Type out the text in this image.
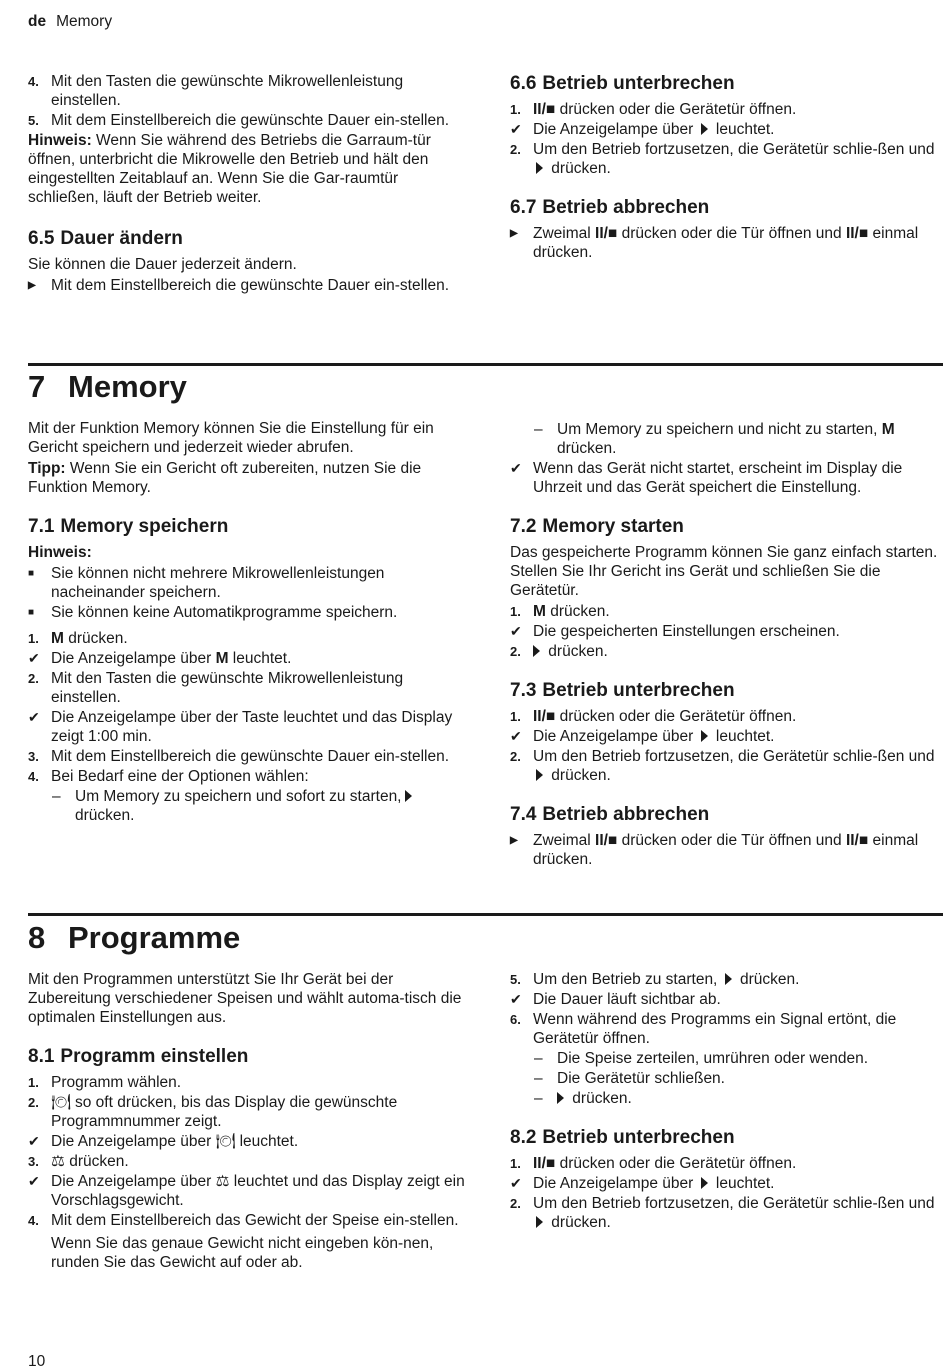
de Memory
4. Mit den Tasten die gewünschte Mikrowellenleistung einstellen.
5. Mit dem Einstellbereich die gewünschte Dauer ein-stellen.

Hinweis: Wenn Sie während des Betriebs die Garraum-tür öffnen, unterbricht die Mikrowelle den Betrieb und hält den eingestellten Zeitablauf an. Wenn Sie die Gar-raumtür schließen, läuft der Betrieb weiter.

6.5 Dauer ändern

Sie können die Dauer jederzeit ändern.

▶ Mit dem Einstellbereich die gewünschte Dauer ein-stellen.
6.6 Betrieb unterbrechen
1. II/■ drücken oder die Gerätetür öffnen.
✔ Die Anzeigelampe über  leuchtet.
2. Um den Betrieb fortzusetzen, die Gerätetür schlie-ßen und  drücken.
6.7 Betrieb abbrechen
▶ Zweimal II/■ drücken oder die Tür öffnen und II/■ einmal drücken.
7 Memory

Mit der Funktion Memory können Sie die Einstellung für ein Gericht speichern und jederzeit wieder abrufen.

Tipp: Wenn Sie ein Gericht oft zubereiten, nutzen Sie die Funktion Memory.

7.1 Memory speichern

Hinweis:

■	Sie können nicht mehrere Mikrowellenleistungen nacheinander speichern.
■	Sie können keine Automatikprogramme speichern.
1. M drücken.
✔ Die Anzeigelampe über M leuchtet.
2. Mit den Tasten die gewünschte Mikrowellenleistung einstellen.
✔ Die Anzeigelampe über der Taste leuchtet und das Display zeigt 1:00 min.
3. Mit dem Einstellbereich die gewünschte Dauer ein-stellen.
4. Bei Bedarf eine der Optionen wählen:
– Um Memory zu speichern und sofort zu starten, drücken.
– Um Memory zu speichern und nicht zu starten, M drücken.
✔ Wenn das Gerät nicht startet, erscheint im Display die Uhrzeit und das Gerät speichert die Einstellung.
7.2 Memory starten

Das gespeicherte Programm können Sie ganz einfach starten. Stellen Sie Ihr Gericht ins Gerät und schließen Sie die Gerätetür.

1. M drücken.
✔ Die gespeicherten Einstellungen erscheinen.
2.	drücken.
7.3 Betrieb unterbrechen
1. II/■ drücken oder die Gerätetür öffnen.
✔ Die Anzeigelampe über  leuchtet.
2. Um den Betrieb fortzusetzen, die Gerätetür schlie-ßen und  drücken.
7.4 Betrieb abbrechen
▶ Zweimal II/■ drücken oder die Tür öffnen und II/■ einmal drücken.
8 Programme

Mit den Programmen unterstützt Sie Ihr Gerät bei der Zubereitung verschiedener Speisen und wählt automa-tisch die optimalen Einstellungen aus.

8.1 Programm einstellen
1. Programm wählen.
2. 🍽 so oft drücken, bis das Display die gewünschte Programmnummer zeigt.
✔ Die Anzeigelampe über 🍽 leuchtet.
3. ⚖ drücken.
✔ Die Anzeigelampe über ⚖ leuchtet und das Display zeigt ein Vorschlagsgewicht.
4. Mit dem Einstellbereich das Gewicht der Speise ein-stellen.
Wenn Sie das genaue Gewicht nicht eingeben kön-nen, runden Sie das Gewicht auf oder ab.
5. Um den Betrieb zu starten,  drücken.
✔ Die Dauer läuft sichtbar ab.
6. Wenn während des Programms ein Signal ertönt, die Gerätetür öffnen.
– Die Speise zerteilen, umrühren oder wenden.
– Die Gerätetür schließen.
– drücken.
8.2 Betrieb unterbrechen
1. II/■ drücken oder die Gerätetür öffnen.
✔ Die Anzeigelampe über  leuchtet.
2. Um den Betrieb fortzusetzen, die Gerätetür schlie-ßen und  drücken.
10
